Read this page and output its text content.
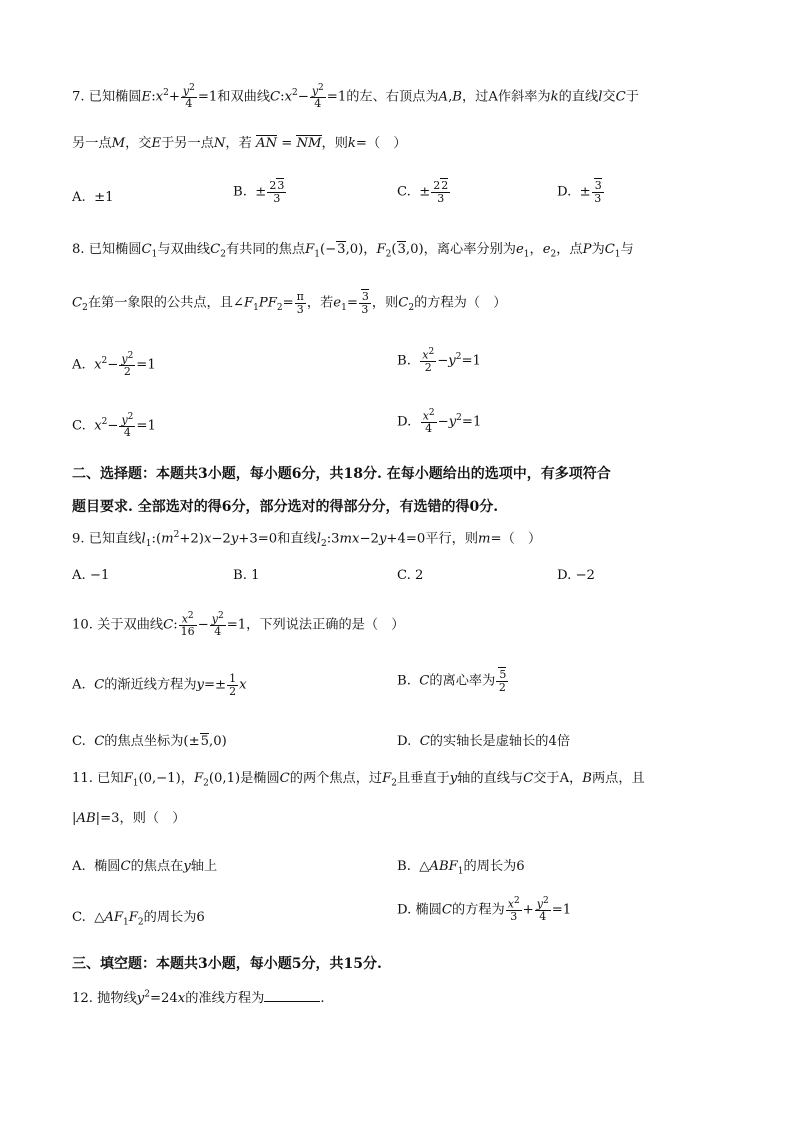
7. 已知椭圆$E:x^2+ \frac{y^2}{4} =1$和双曲线$C:x^2- \frac{y^2}{4} =1$的左、右顶点为A,B，过A作斜率为k的直线l交C于
另一点M，交E于另一点N，若 AN = NM，则k=（　）
A.  ±1	B.  ± $\frac{23}{3}$	C.  ± $\frac{22}{3}$	D.  ± $\frac{3}{3}$
8. 已知椭圆$C_1$与双曲线$C_2$有共同的焦点$F_1(-3,0)$，$F_2(3,0)$，离心率分别为$e_1$，$e_2$，点P为$C_1$与
$C_2$在第一象限的公共点，且$\angle F_1PF_2= \frac{\pi}{3}$ ，若$e_1= \frac{3}{3}$ ，则$C_2$的方程为（　）
A.  $x^2- \frac{y^2}{2} =1$	B. $\frac{x^2}{2} -y^2=1$
C.  $x^2- \frac{y^2}{4} =1$	D. $\frac{x^2}{4} -y^2=1$
二、选择题：本题共3小题，每小题6分，共18分. 在每小题给出的选项中，有多项符合
题目要求. 全部选对的得6分，部分选对的得部分分，有选错的得0分.
9. 已知直线$l_1:(m^2+2)x-2y+3=0$和直线$l_2:3mx-2y+4=0$平行，则m=（　）
A. −1	B. 1	C. 2	D. −2
10. 关于双曲线C: $\frac{x^2}{16} - \frac{y^2}{4} =1$，下列说法正确的是（　）
A.  C的渐近线方程为$y=\pm \frac{1}{2}$ x	B.  C的离心率为 $\frac{5}{2}$
C.  C的焦点坐标为(±5,0)	D.  C的实轴长是虚轴长的4倍
11. 已知$F_1(0,-1)$，$F_2(0,1)$是椭圆C的两个焦点，过$F_2$且垂直于y轴的直线与C交于A，B两点，且
|AB|=3，则（　）
A.  椭圆C的焦点在y轴上	B.  $\triangle ABF_1$的周长为6
C.  $\triangle AF_1F_2$的周长为6
D. 椭圆C的方程为 $\frac{x^2}{3} + \frac{y^2}{4} =1$
三、填空题：本题共3小题，每小题5分，共15分.
12. 抛物线$y^2=24x$的准线方程为	.
